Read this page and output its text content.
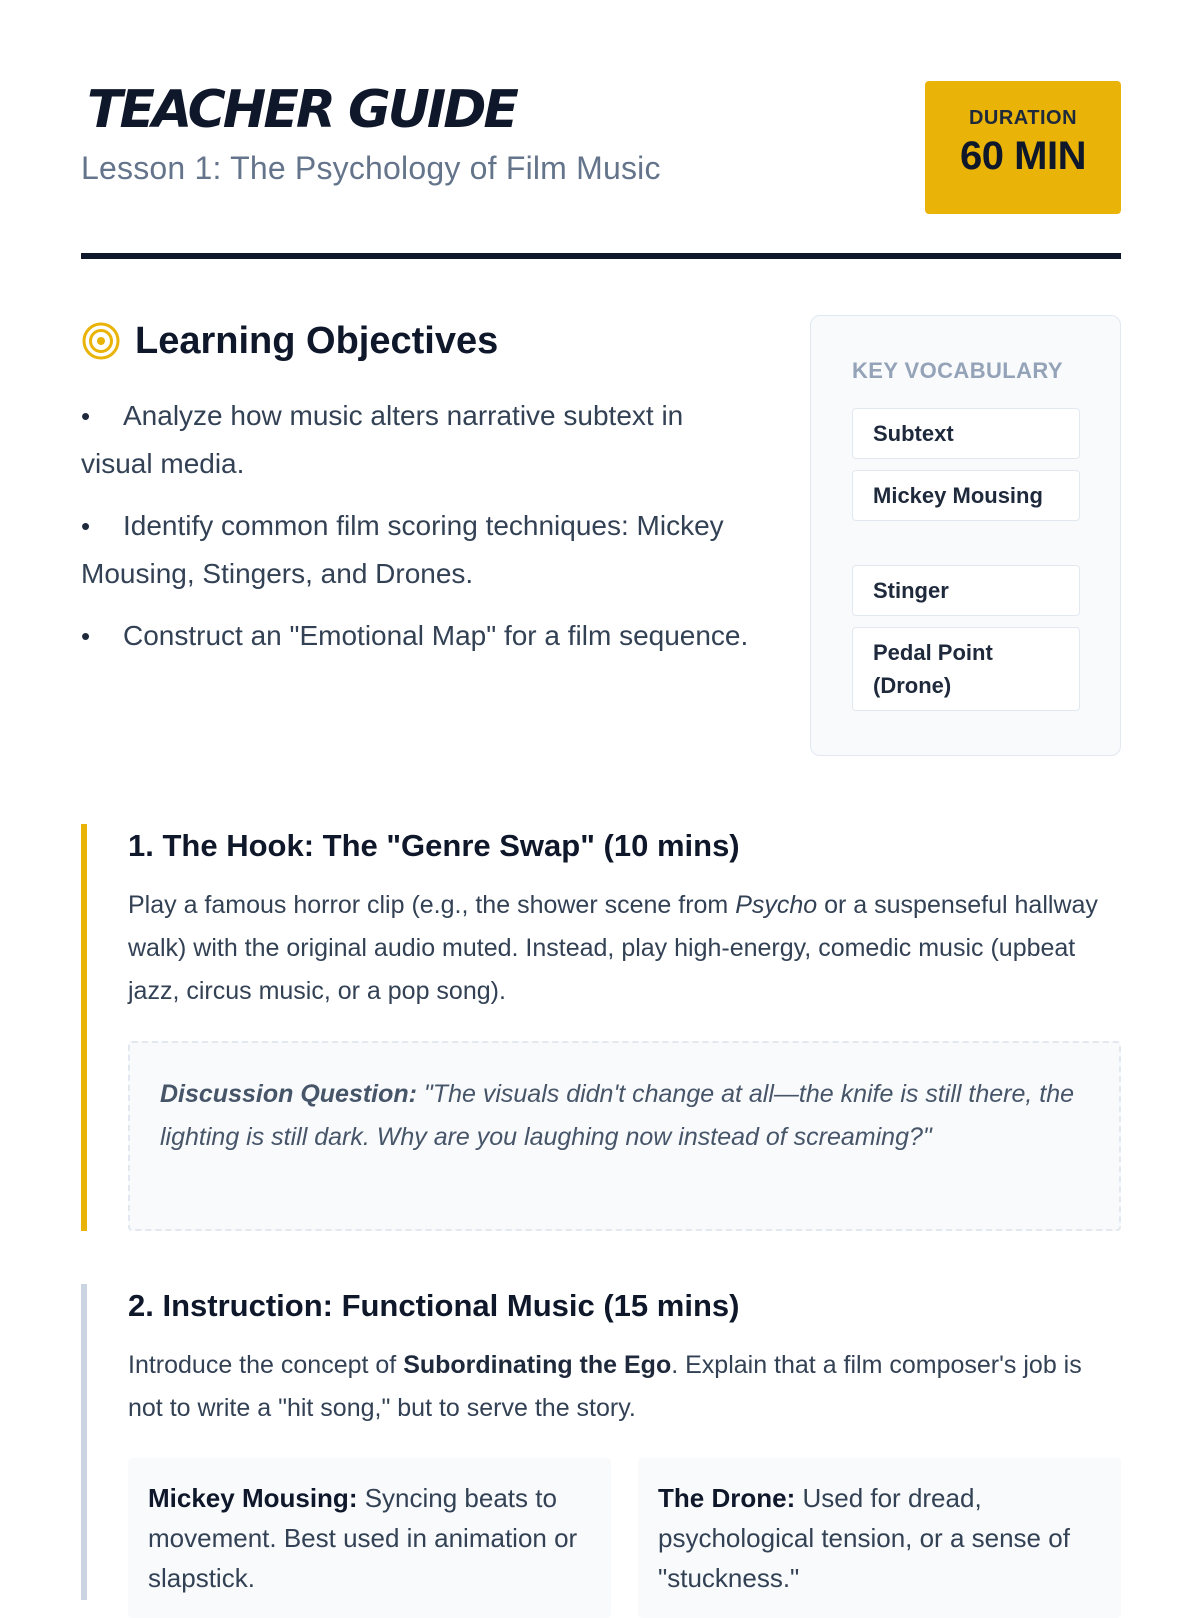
TEACHER GUIDE

Lesson 1: The Psychology of Film Music

DURATION
60 MIN
Learning Objectives
• Analyze how music alters narrative subtext in visual media.
• Identify common film scoring techniques: Mickey Mousing, Stingers, and Drones.
• Construct an "Emotional Map" for a film sequence.
KEY VOCABULARY
Subtext
Mickey Mousing
Stinger
Pedal Point (Drone)
1. The Hook: The "Genre Swap" (10 mins)

Play a famous horror clip (e.g., the shower scene from Psycho or a suspenseful hallway walk) with the original audio muted. Instead, play high-energy, comedic music (upbeat jazz, circus music, or a pop song).

Discussion Question: "The visuals didn't change at all—the knife is still there, the lighting is still dark. Why are you laughing now instead of screaming?"
2. Instruction: Functional Music (15 mins)

Introduce the concept of Subordinating the Ego. Explain that a film composer's job is not to write a "hit song," but to serve the story.

Mickey Mousing: Syncing beats to movement. Best used in animation or slapstick.
The Drone: Used for dread, psychological tension, or a sense of "stuckness."
